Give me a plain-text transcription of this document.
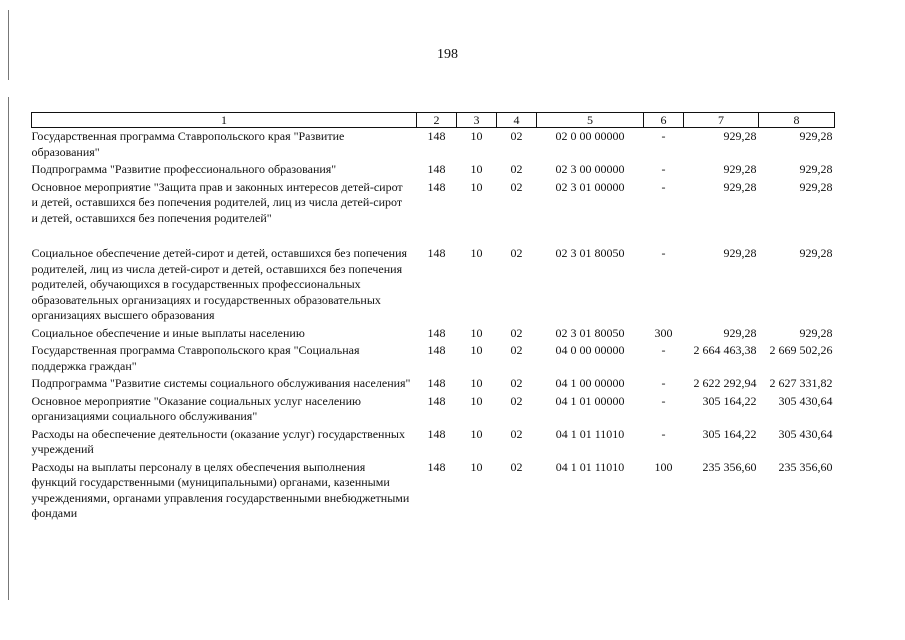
198
1	2	3	4	5	6	7	8
Государственная программа Ставропольского края "Развитие образования"	148	10	02	02 0 00 00000	-	929,28	929,28
Подпрограмма "Развитие профессионального образования"	148	10	02	02 3 00 00000	-	929,28	929,28
Основное мероприятие "Защита прав и законных интересов детей-сирот и детей, оставшихся без попечения родителей, лиц из числа детей-сирот и детей, оставшихся без попечения родителей"	148	10	02	02 3 01 00000	-	929,28	929,28

Социальное обеспечение детей-сирот и детей, оставшихся без попечения родителей, лиц из числа детей-сирот и детей, оставшихся без попечения родителей, обучающихся в государственных профессиональных образовательных организациях и государственных образовательных организациях высшего образования	148	10	02	02 3 01 80050	-	929,28	929,28
Социальное обеспечение и иные выплаты населению	148	10	02	02 3 01 80050	300	929,28	929,28
Государственная программа Ставропольского края "Социальная поддержка граждан"	148	10	02	04 0 00 00000	-	2 664 463,38	2 669 502,26
Подпрограмма "Развитие системы социального обслуживания населения"	148	10	02	04 1 00 00000	-	2 622 292,94	2 627 331,82
Основное мероприятие "Оказание социальных услуг населению организациями социального обслуживания"	148	10	02	04 1 01 00000	-	305 164,22	305 430,64
Расходы на обеспечение деятельности (оказание услуг) государственных учреждений	148	10	02	04 1 01 11010	-	305 164,22	305 430,64
Расходы на выплаты персоналу в целях обеспечения выполнения функций государственными (муниципальными) органами, казенными учреждениями, органами управления государственными внебюджетными фондами	148	10	02	04 1 01 11010	100	235 356,60	235 356,60
